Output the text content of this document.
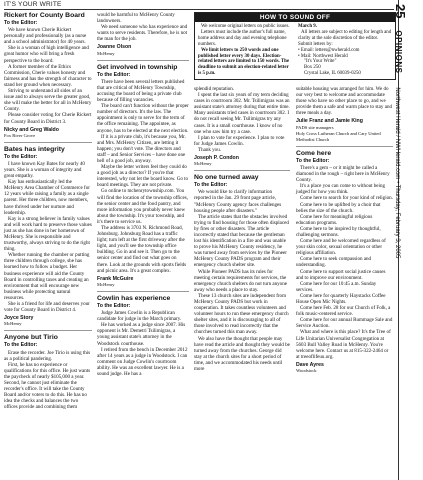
IT'S YOUR WRITE
Rickert for County Board
To the Editor:

We have known Cherie Rickert personally and professionally (as a nurse and a school administrator) for 40 years.

She is a woman of high intelligence and great humor who will bring a fresh perspective to the board.

A former member of the Ethics Commission, Cherie values honesty and fairness and has the strength of character to stand her ground when necessary.

Striving to understand all sides of an issue and to always serve the greater good, she will make the better for all in McHenry County.

Please consider voting for Cherie Rickert for County Board in District 3.

Nicky and Greg Waldo
Fox River Grove
Bates has integrity
To the Editor:

I have known Kay Bates for nearly 40 years. She is a woman of integrity and great empathy.

Kay has enthusiastically led the McHenry Area Chamber of Commerce for 12 years while raising a family as a single parent. Her three children, now members, have thrived under her nurture and leadership.

Kay is a strong believer in family values and will work hard to preserve those values just as she has done in her hometown of McHenry. She is responsible and trustworthy, always striving to do the right thing.

Whether running the chamber or putting three children through college, she has learned how to follow a budget. Her business experience will aid the County Board in controlling taxes and creating an environment that will encourage new business while protecting natural resources.

She is a friend for life and deserves your vote for County Board in District 4.

Joyce Story
McHenry
Anyone but Tirio
To the Editor:

Erase the recorder. Joe Tirio is using this as a political pandering.

First, he has no experience or qualifications for this office. He just wants the paycheck of nearly $105,000 a year. Second, he cannot just eliminate the recorder's office. It will take the County Board and/or voters to do this. He has no idea the checks and balances the two offices provide and combining them

would be harmful to McHenry County landowners.

We need someone who has experience and wants to serve residents. Therefore, he is not the man for the job.

Joanne Olson
McHenry
Get involved in township
To the Editor:

There have been several letters published that are critical of McHenry Township, accusing the board of being a private club because of filling vacancies.

The board can't function without the proper number of directors. It's the law. The appointment is only to serve for the term of the office remaining. The appointee, as anyone, has to be elected at the next election.

If it is a private club, it's because you, Mr. and Mrs. McHenry Citizen, are letting it happen; you don't vote. The directors and staff – and Senior Services – have done one hell of a good job, anyway.

Maybe the letter writers feel they could do a good job as a director? If you're that interested, why not let the board know. Go to board meetings. They are not private.

Go online to mchenrytownship.com. You will find the location of the township offices, the senior center and the food pantry, and more information you probably never knew about the township. It's your township, and it's there to service us.

The address is 3703 N. Richmond Road, Johnsburg. Johnsburg Road has a traffic light; turn left at the first driveway after the light, and you'll see the township office building. Go in and see it. Then go to the senior center and find out what goes on there. Look at the grounds with sports fields and picnic area. It's a great complex.

Frank McGuire
McHenry
Cowlin has experience
To the Editor:

Judge James Cowlin is a Republican candidate for judge in the March primary.

He has worked as a judge since 2007. His opponent is Mr. Demetri Tsilimigras, a young assistant state's attorney in the Woodstock courthouse.

I retired from the bench in December 2012 after 14 years as a judge in Woodstock. I can comment on Judge Cowlin's courtroom ability. He was an excellent lawyer. He is a sound judge. He has a

HOW TO SOUND OFF

We welcome original letters on public issues.

Letters must include the author's full name, home address and day and evening telephone numbers.

We limit letters to 250 words and one published letter every 30 days. Election-related letters are limited to 150 words. The deadline to submit an election-related letter is 5 p.m.

March 9.

All letters are subject to editing for length and clarity at the sole discretion of the editor.

Submit letters by:

• Email: letters@nwherald.com

• Mail: Northwest Herald

"It's Your Write"

Box 250

Crystal Lake, IL 60039-0250

splendid reputation.

I spent the last six years of my term deciding cases in courtroom 302. Mr. Tsilimigras was an assistant state's attorney during that entire time. Many assistants tried cases in courtroom 302. I do not recall seeing Mr. Tsilimigras try any cases. It is a small courthouse. I know of no one who saw him try a case.

I plan to vote for experience. I plan to vote for Judge James Cowlin.

Thank you.

Joseph P. Condon
McHenry
No one turned away
To the Editor:

We would like to clarify information reported in the Jan. 29 front page article, "McHenry County agency faces challenges housing people after disasters."

The article states that the obstacles involved trying to find housing for those often displaced by fires or other disasters. The article incorrectly stated that because the gentleman lost his identification in a fire and was unable to prove his McHenry County residency, he was turned away from services by the Pioneer McHenry County PADS program and their emergency church shelter site.

While Pioneer PADS has its rules for meeting certain requirements for services, the emergency church shelters do not turn anyone away who needs a place to stay.

These 13 church sites are independent from McHenry County PADS but work in cooperation. It takes countless volunteers and volunteer hours to run these emergency church shelter sites, and it is discouraging to all of those involved to read incorrectly that the churches turned this man away.

We also have the thought that people may have read the article and thought they would be turned away from the churches. George did stay at the church sites for a short period of time, and we accommodated his needs until more

suitable housing was arranged for him. We do our very best to welcome and accommodate those who have no other place to go, and we provide them a safe and warm place to stay and three meals a day.

Julie Franz and Jamie King
PADS site managers
Holy Cross Lutheran Church and Cary United Methodist Church
Come here
To the Editor:

There's a gem – or it might be called a diamond in the rough – right here in McHenry County.

It's a place you can come to without being judged for how you think.

Come here to search for your kind of religion.

Come here to be uplifted by a choir that belies the size of the church.

Come here for meaningful religious education programs.

Come here to be inspired by thoughtful, challenging sermons.

Come here and be welcomed regardless of your skin color, sexual orientation or other religious affiliation.

Come here to seek compassion and understanding.

Come here to support social justice causes and to improve our environment.

Come here for our 10:45 a.m. Sunday services.

Come here for quarterly Haystacks Coffee House Open Mic Nights.

Come here Feb. 28 for our Church of Folk, a folk music-centered service.

Come here for our annual Rummage Sale and Service Auction.

What and where is this place? It's the Tree of Life Unitarian Universalist Congregation at 5603 Bull Valley Road in McHenry. You're welcome here. Contact us at 815-322-2464 or at treeoflifeuu.org.

Dave Ayres
Woodstock
25  OPINIONS  Northwest Herald / NWHerald.com • Thursday, February 3, 2005
